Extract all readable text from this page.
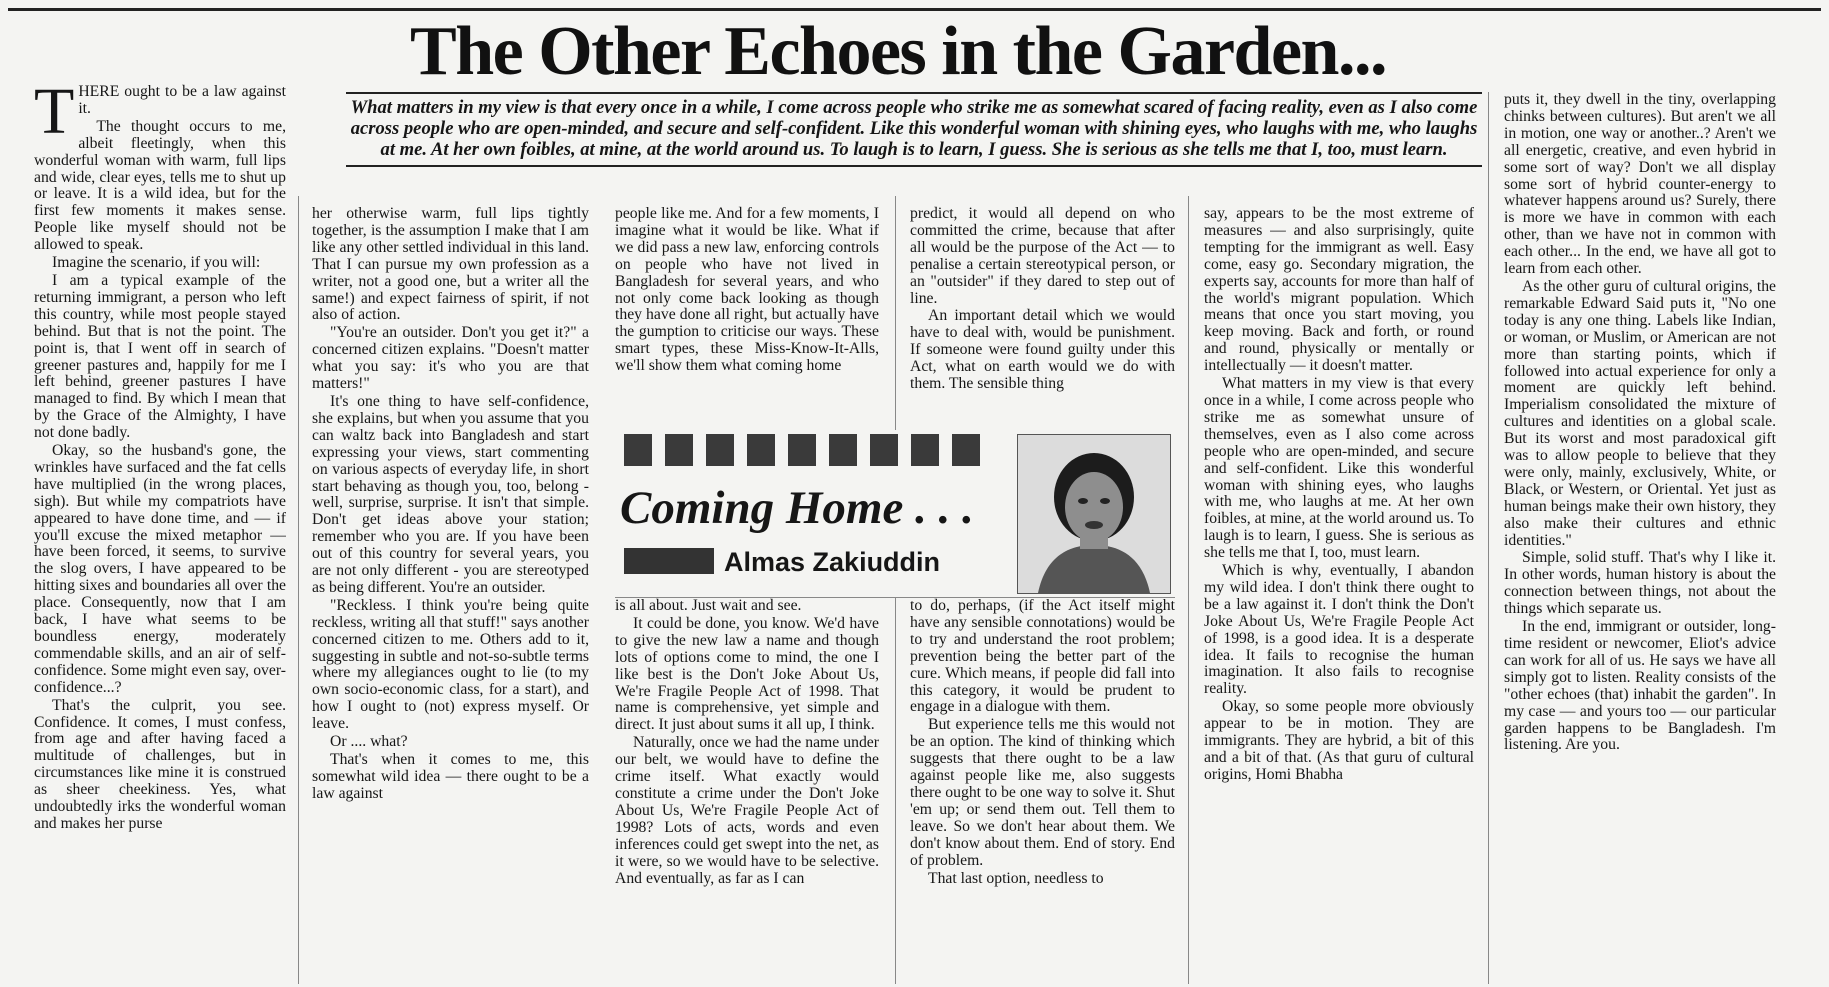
The Other Echoes in the Garden...

What matters in my view is that every once in a while, I come across people who strike me as somewhat scared of facing reality, even as I also come across people who are open-minded, and secure and self-confident. Like this wonderful woman with shining eyes, who laughs with me, who laughs at me. At her own foibles, at mine, at the world around us. To laugh is to learn, I guess. She is serious as she tells me that I, too, must learn.

T HERE ought to be a law against it.

The thought occurs to me, albeit fleetingly, when this wonderful woman with warm, full lips and wide, clear eyes, tells me to shut up or leave. It is a wild idea, but for the first few moments it makes sense. People like myself should not be allowed to speak.

Imagine the scenario, if you will:

I am a typical example of the returning immigrant, a person who left this country, while most people stayed behind. But that is not the point. The point is, that I went off in search of greener pastures and, happily for me I left behind, greener pastures I have managed to find. By which I mean that by the Grace of the Almighty, I have not done badly.

Okay, so the husband's gone, the wrinkles have surfaced and the fat cells have multiplied (in the wrong places, sigh). But while my compatriots have appeared to have done time, and — if you'll excuse the mixed metaphor — have been forced, it seems, to survive the slog overs, I have appeared to be hitting sixes and boundaries all over the place. Consequently, now that I am back, I have what seems to be boundless energy, moderately commendable skills, and an air of self-confidence. Some might even say, over-confidence...?

That's the culprit, you see. Confidence. It comes, I must confess, from age and after having faced a multitude of challenges, but in circumstances like mine it is construed as sheer cheekiness. Yes, what undoubtedly irks the wonderful woman and makes her purse

her otherwise warm, full lips tightly together, is the assumption I make that I am like any other settled individual in this land. That I can pursue my own profession as a writer, not a good one, but a writer all the same!) and expect fairness of spirit, if not also of action.

"You're an outsider. Don't you get it?" a concerned citizen explains. "Doesn't matter what you say: it's who you are that matters!"

It's one thing to have self-confidence, she explains, but when you assume that you can waltz back into Bangladesh and start expressing your views, start commenting on various aspects of everyday life, in short start behaving as though you, too, belong - well, surprise, surprise. It isn't that simple. Don't get ideas above your station; remember who you are. If you have been out of this country for several years, you are not only different - you are stereotyped as being different. You're an outsider.

"Reckless. I think you're being quite reckless, writing all that stuff!" says another concerned citizen to me. Others add to it, suggesting in subtle and not-so-subtle terms where my allegiances ought to lie (to my own socio-economic class, for a start), and how I ought to (not) express myself. Or leave.

Or .... what?

That's when it comes to me, this somewhat wild idea — there ought to be a law against

people like me. And for a few moments, I imagine what it would be like. What if we did pass a new law, enforcing controls on people who have not lived in Bangladesh for several years, and who not only come back looking as though they have done all right, but actually have the gumption to criticise our ways. These smart types, these Miss-Know-It-Alls, we'll show them what coming home

predict, it would all depend on who committed the crime, because that after all would be the purpose of the Act — to penalise a certain stereotypical person, or an "outsider" if they dared to step out of line.

An important detail which we would have to deal with, would be punishment. If someone were found guilty under this Act, what on earth would we do with them. The sensible thing

Coming Home . . .
Almas Zakiuddin

is all about. Just wait and see.

It could be done, you know. We'd have to give the new law a name and though lots of options come to mind, the one I like best is the Don't Joke About Us, We're Fragile People Act of 1998. That name is comprehensive, yet simple and direct. It just about sums it all up, I think.

Naturally, once we had the name under our belt, we would have to define the crime itself. What exactly would constitute a crime under the Don't Joke About Us, We're Fragile People Act of 1998? Lots of acts, words and even inferences could get swept into the net, as it were, so we would have to be selective. And eventually, as far as I can

to do, perhaps, (if the Act itself might have any sensible connotations) would be to try and understand the root problem; prevention being the better part of the cure. Which means, if people did fall into this category, it would be prudent to engage in a dialogue with them.

But experience tells me this would not be an option. The kind of thinking which suggests that there ought to be a law against people like me, also suggests there ought to be one way to solve it. Shut 'em up; or send them out. Tell them to leave. So we don't hear about them. We don't know about them. End of story. End of problem.

That last option, needless to

say, appears to be the most extreme of measures — and also surprisingly, quite tempting for the immigrant as well. Easy come, easy go. Secondary migration, the experts say, accounts for more than half of the world's migrant population. Which means that once you start moving, you keep moving. Back and forth, or round and round, physically or mentally or intellectually — it doesn't matter.

What matters in my view is that every once in a while, I come across people who strike me as somewhat unsure of themselves, even as I also come across people who are open-minded, and secure and self-confident. Like this wonderful woman with shining eyes, who laughs with me, who laughs at me. At her own foibles, at mine, at the world around us. To laugh is to learn, I guess. She is serious as she tells me that I, too, must learn.

Which is why, eventually, I abandon my wild idea. I don't think there ought to be a law against it. I don't think the Don't Joke About Us, We're Fragile People Act of 1998, is a good idea. It is a desperate idea. It fails to recognise the human imagination. It also fails to recognise reality.

Okay, so some people more obviously appear to be in motion. They are immigrants. They are hybrid, a bit of this and a bit of that. (As that guru of cultural origins, Homi Bhabha

puts it, they dwell in the tiny, overlapping chinks between cultures). But aren't we all in motion, one way or another..? Aren't we all energetic, creative, and even hybrid in some sort of way? Don't we all display some sort of hybrid counter-energy to whatever happens around us? Surely, there is more we have in common with each other, than we have not in common with each other... In the end, we have all got to learn from each other.

As the other guru of cultural origins, the remarkable Edward Said puts it, "No one today is any one thing. Labels like Indian, or woman, or Muslim, or American are not more than starting points, which if followed into actual experience for only a moment are quickly left behind. Imperialism consolidated the mixture of cultures and identities on a global scale. But its worst and most paradoxical gift was to allow people to believe that they were only, mainly, exclusively, White, or Black, or Western, or Oriental. Yet just as human beings make their own history, they also make their cultures and ethnic identities."

Simple, solid stuff. That's why I like it. In other words, human history is about the connection between things, not about the things which separate us.

In the end, immigrant or outsider, long-time resident or newcomer, Eliot's advice can work for all of us. He says we have all simply got to listen. Reality consists of the "other echoes (that) inhabit the garden". In my case — and yours too — our particular garden happens to be Bangladesh. I'm listening. Are you.
